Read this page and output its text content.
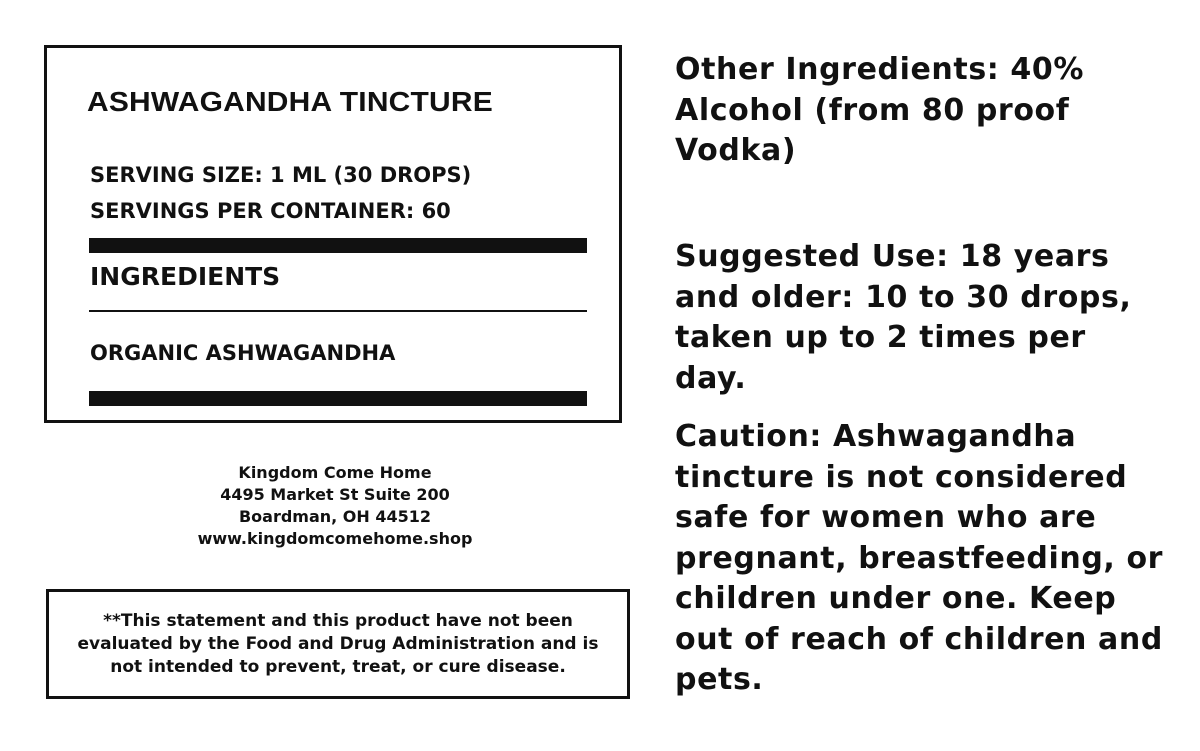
ASHWAGANDHA TINCTURE
SERVING SIZE: 1 ML (30 DROPS)
SERVINGS PER CONTAINER: 60
INGREDIENTS
ORGANIC ASHWAGANDHA
Kingdom Come Home
4495 Market St Suite 200
Boardman, OH 44512
www.kingdomcomehome.shop
**This statement and this product have not been evaluated by the Food and Drug Administration and is not intended to prevent, treat, or cure disease.
Other Ingredients: 40% Alcohol (from 80 proof Vodka)
Suggested Use: 18 years and older: 10 to 30 drops, taken up to 2 times per day.
Caution: Ashwagandha tincture is not considered safe for women who are pregnant, breastfeeding, or children under one. Keep out of reach of children and pets.
